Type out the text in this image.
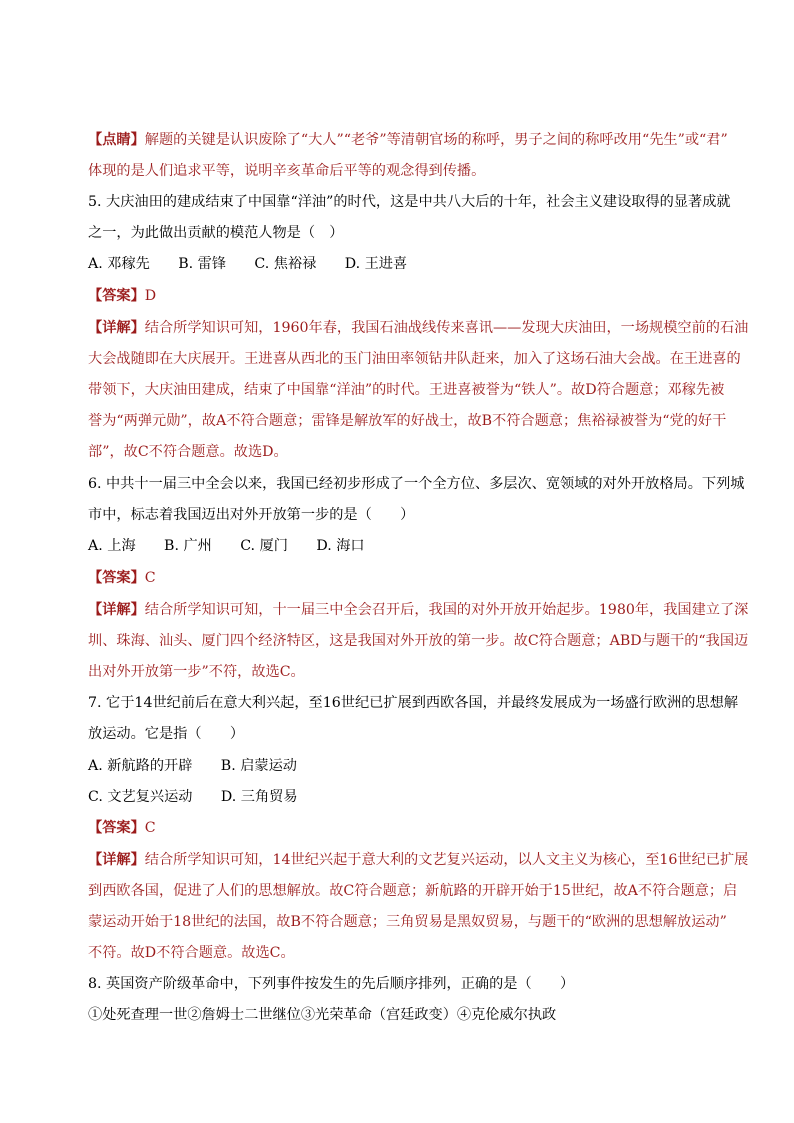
【点睛】解题的关键是认识废除了“大人”“老爷”等清朝官场的称呼，男子之间的称呼改用“先生”或“君”
体现的是人们追求平等，说明辛亥革命后平等的观念得到传播。
5. 大庆油田的建成结束了中国靠“洋油”的时代，这是中共八大后的十年，社会主义建设取得的显著成就
之一，为此做出贡献的模范人物是（　）
A. 邓稼先　　B. 雷锋　　C. 焦裕禄　　D. 王进喜
【答案】D
【详解】结合所学知识可知，1960年春，我国石油战线传来喜讯——发现大庆油田，一场规模空前的石油
大会战随即在大庆展开。王进喜从西北的玉门油田率领钻井队赶来，加入了这场石油大会战。在王进喜的
带领下，大庆油田建成，结束了中国靠“洋油”的时代。王进喜被誉为“铁人”。故D符合题意；邓稼先被
誉为“两弹元勋”，故A不符合题意；雷锋是解放军的好战士，故B不符合题意；焦裕禄被誉为“党的好干
部”，故C不符合题意。故选D。
6. 中共十一届三中全会以来，我国已经初步形成了一个全方位、多层次、宽领域的对外开放格局。下列城
市中，标志着我国迈出对外开放第一步的是（　　）
A. 上海　　B. 广州　　C. 厦门　　D. 海口
【答案】C
【详解】结合所学知识可知，十一届三中全会召开后，我国的对外开放开始起步。1980年，我国建立了深
圳、珠海、汕头、厦门四个经济特区，这是我国对外开放的第一步。故C符合题意；ABD与题干的“我国迈
出对外开放第一步”不符，故选C。
7. 它于14世纪前后在意大利兴起，至16世纪已扩展到西欧各国，并最终发展成为一场盛行欧洲的思想解
放运动。它是指（　　）
A. 新航路的开辟　　B. 启蒙运动
C. 文艺复兴运动　　D. 三角贸易
【答案】C
【详解】结合所学知识可知，14世纪兴起于意大利的文艺复兴运动，以人文主义为核心，至16世纪已扩展
到西欧各国，促进了人们的思想解放。故C符合题意；新航路的开辟开始于15世纪，故A不符合题意；启
蒙运动开始于18世纪的法国，故B不符合题意；三角贸易是黑奴贸易，与题干的“欧洲的思想解放运动”
不符。故D不符合题意。故选C。
8. 英国资产阶级革命中，下列事件按发生的先后顺序排列，正确的是（　　）
①处死查理一世②詹姆士二世继位③光荣革命（宫廷政变）④克伦威尔执政
